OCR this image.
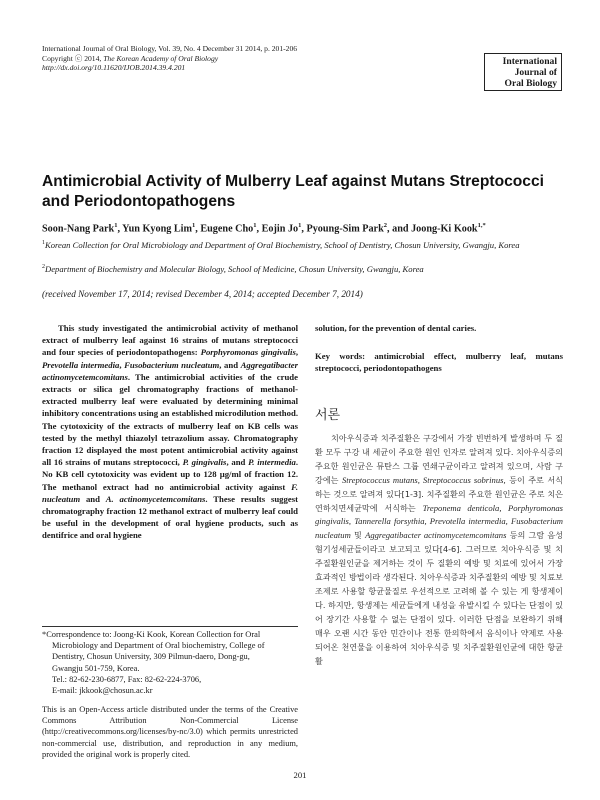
International Journal of Oral Biology, Vol. 39, No. 4 December 31 2014, p. 201-206
Copyright ⓒ 2014, The Korean Academy of Oral Biology
http://dx.doi.org/10.11620/IJOB.2014.39.4.201
International
Journal of
Oral Biology
Antimicrobial Activity of Mulberry Leaf against Mutans Streptococci and Periodontopathogens
Soon-Nang Park$^1$, Yun Kyong Lim$^1$, Eugene Cho$^1$, Eojin Jo$^1$, Pyoung-Sim Park$^2$, and Joong-Ki Kook$^{1,*}$
$^1$Korean Collection for Oral Microbiology and Department of Oral Biochemistry, School of Dentistry, Chosun University, Gwangju, Korea
$^2$Department of Biochemistry and Molecular Biology, School of Medicine, Chosun University, Gwangju, Korea
(received November 17, 2014; revised December 4, 2014; accepted December 7, 2014)
This study investigated the antimicrobial activity of methanol extract of mulberry leaf against 16 strains of mutans streptococci and four species of periodontopathogens: Porphyromonas gingivalis, Prevotella intermedia, Fusobacterium nucleatum, and Aggregatibacter actinomycetemcomitans. The antimicrobial activities of the crude extracts or silica gel chromatography fractions of methanol-extracted mulberry leaf were evaluated by determining minimal inhibitory concentrations using an established microdilution method. The cytotoxicity of the extracts of mulberry leaf on KB cells was tested by the methyl thiazolyl tetrazolium assay. Chromatography fraction 12 displayed the most potent antimicrobial activity against all 16 strains of mutans streptococci, P. gingivalis, and P. intermedia. No KB cell cytotoxicity was evident up to 128 µg/ml of fraction 12. The methanol extract had no antimicrobial activity against F. nucleatum and A. actinomycetemcomitans. These results suggest chromatography fraction 12 methanol extract of mulberry leaf could be useful in the development of oral hygiene products, such as dentifrice and oral hygiene
solution, for the prevention of dental caries.
Key words: antimicrobial effect, mulberry leaf, mutans streptococci, periodontopathogens
서론
치아우식증과 치주질환은 구강에서 가장 빈번하게 발생하며 두 질환 모두 구강 내 세균이 주요한 원인 인자로 알려져 있다. 치아우식증의 주요한 원인균은 뮤탄스 그룹 연쇄구균이라고 알려져 있으며, 사람 구강에는 Streptococcus mutans, Streptococcus sobrinus, 등이 주로 서식하는 것으로 알려져 있다[1-3]. 치주질환의 주요한 원인균은 주로 치은연하치면세균막에 서식하는 Treponema denticola, Porphyromonas gingivalis, Tannerella forsythia, Prevotella intermedia, Fusobacterium nucleatum 및 Aggregatibacter actinomycetemcomitans 등의 그람 음성 혐기성세균들이라고 보고되고 있다[4-6]. 그러므로 치아우식증 및 치주질환원인균을 제거하는 것이 두 질환의 예방 및 치료에 있어서 가장 효과적인 방법이라 생각된다. 치아우식증과 치주질환의 예방 및 치료보조제로 사용할 항균물질로 우선적으로 고려해 볼 수 있는 게 항생제이다. 하지만, 항생제는 세균들에게 내성을 유발시킬 수 있다는 단점이 있어 장기간 사용할 수 없는 단점이 있다. 이러한 단점을 보완하기 위해 매우 오랜 시간 동안 민간이나 전통 한의학에서 음식이나 약제로 사용되어온 천연물을 이용하여 치아우식증 및 치주질환원인균에 대한 항균활
*Correspondence to: Joong-Ki Kook, Korean Collection for Oral
Microbiology and Department of Oral biochemistry, College of
Dentistry, Chosun University, 309 Pilmun-daero, Dong-gu,
Gwangju 501-759, Korea.
Tel.: 82-62-230-6877, Fax: 82-62-224-3706,
E-mail: jkkook@chosun.ac.kr
This is an Open-Access article distributed under the terms of the Creative Commons Attribution Non-Commercial License (http://creativecommons.org/licenses/by-nc/3.0) which permits unrestricted non-commercial use, distribution, and reproduction in any medium, provided the original work is properly cited.
201
